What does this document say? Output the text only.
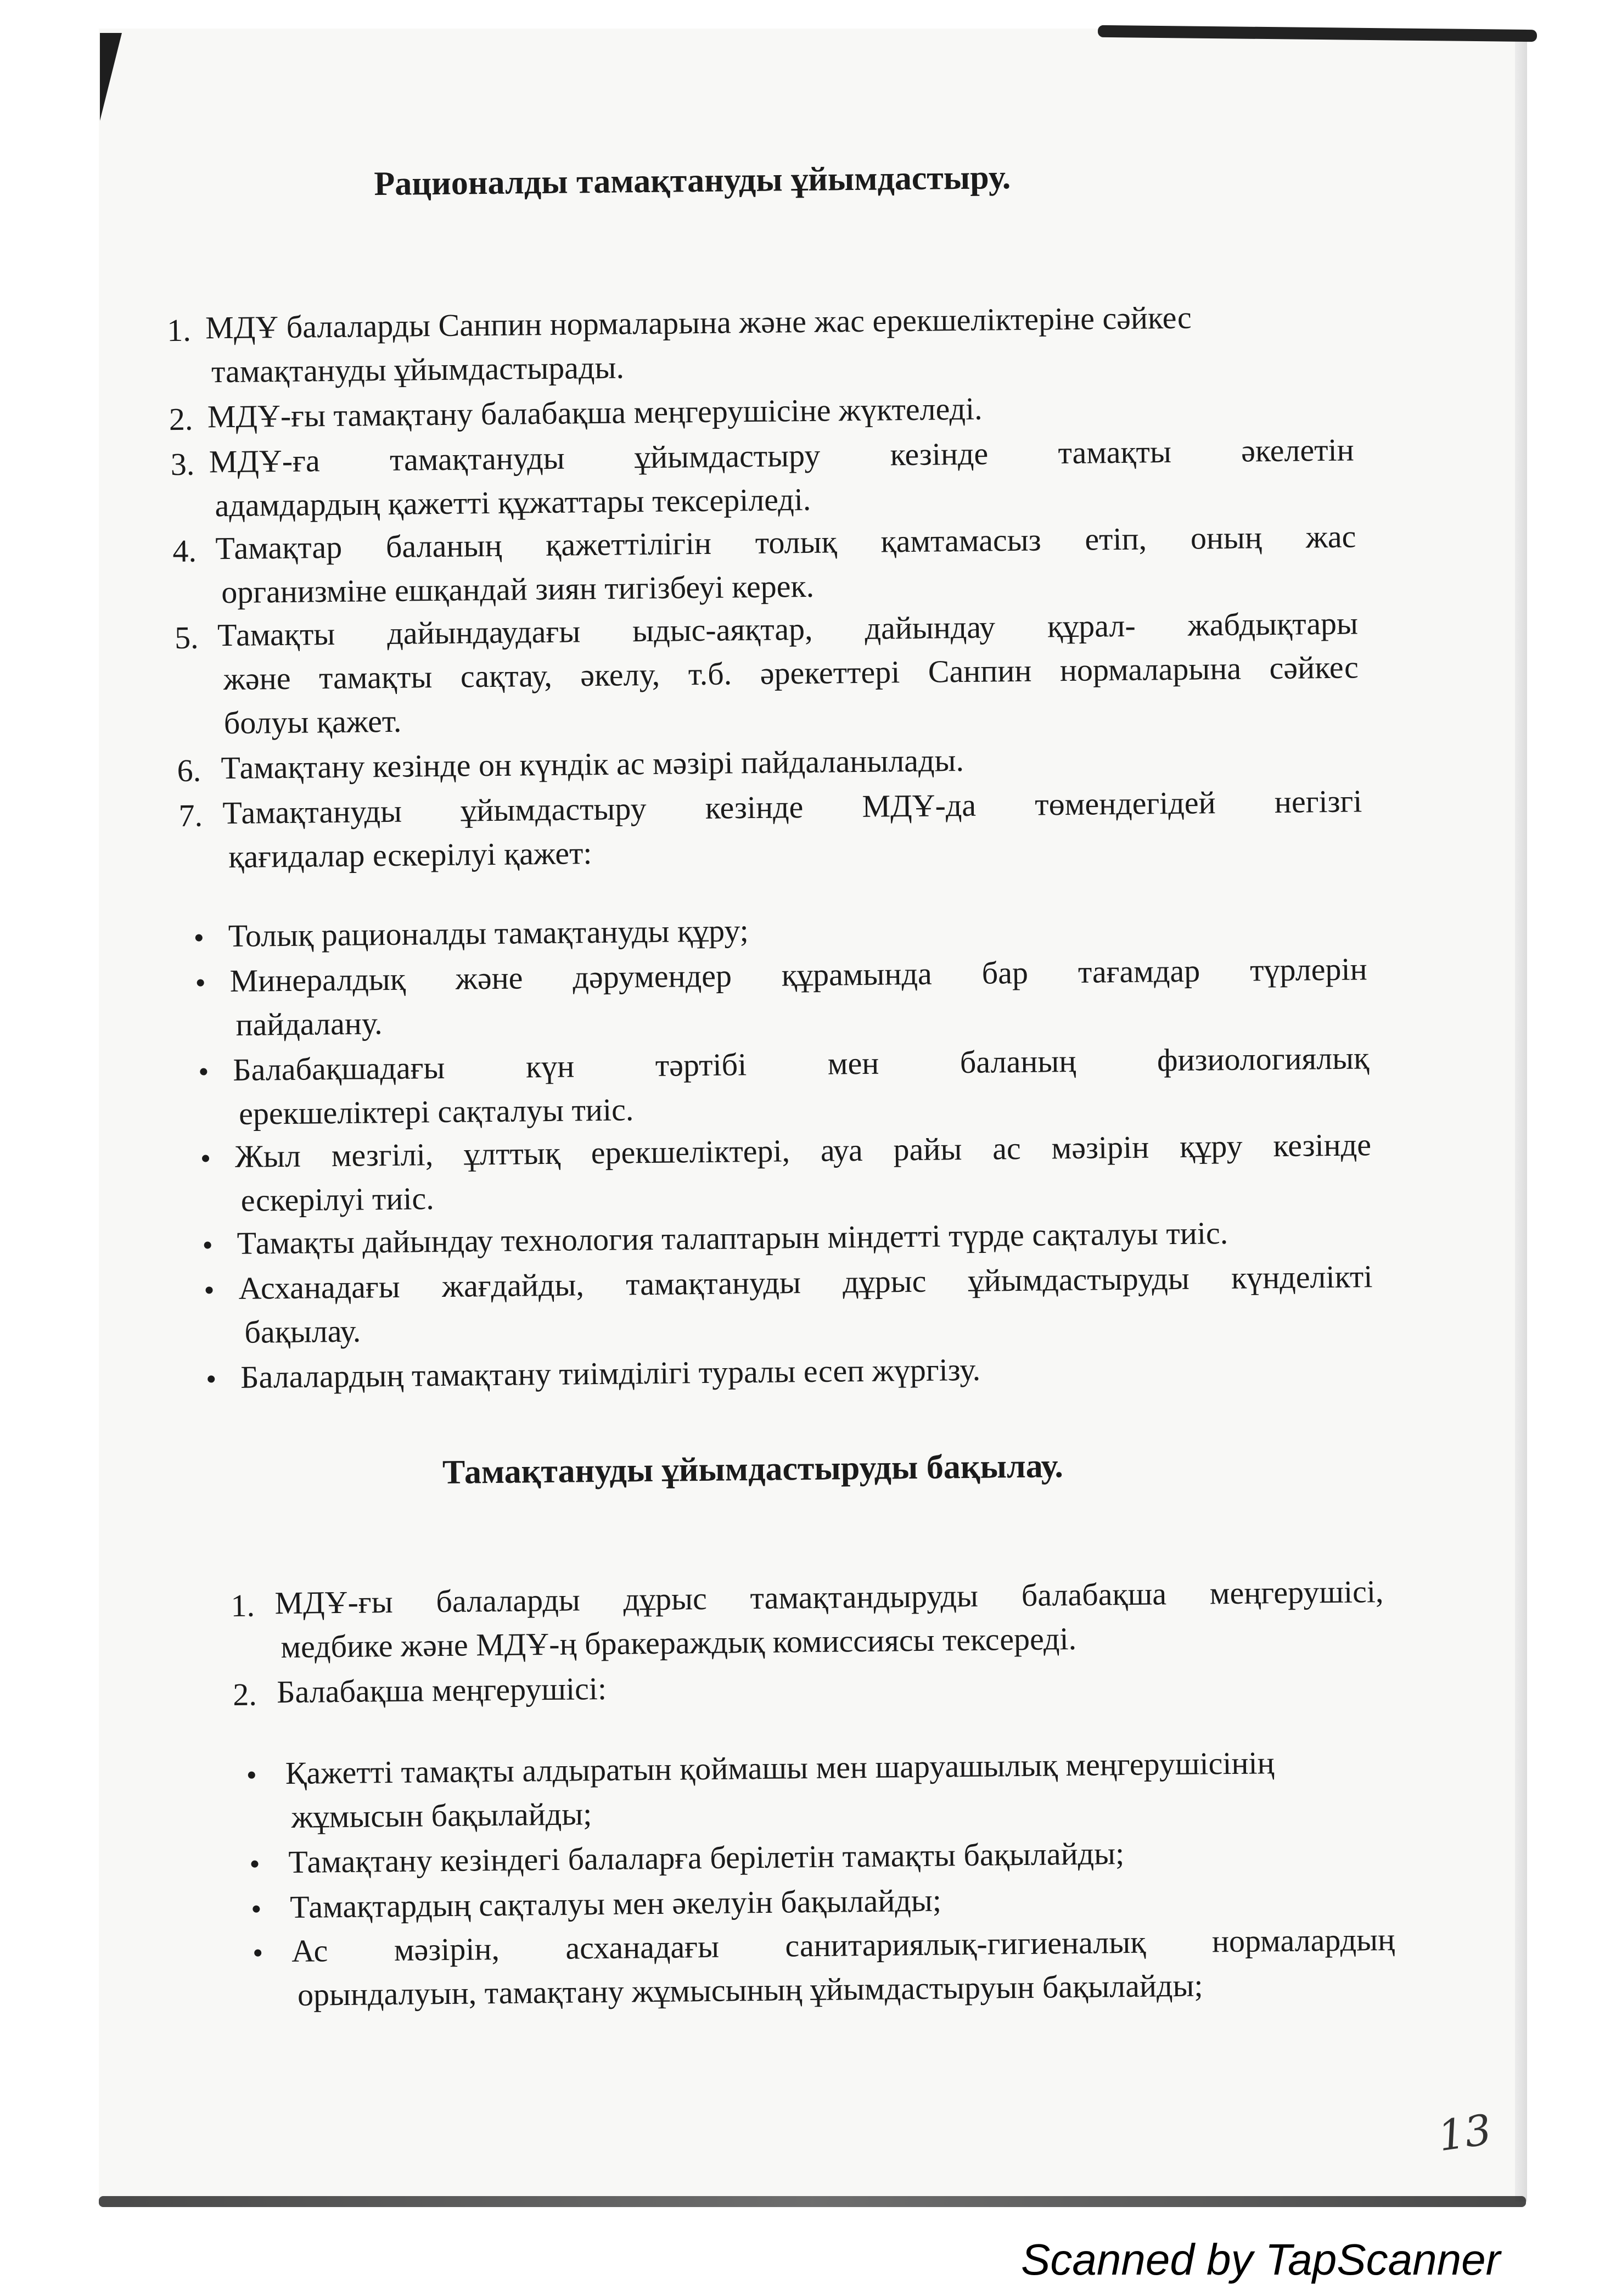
Рационалды тамақтануды ұйымдастыру.
1. МДҰ балаларды Санпин нормаларына және жас ерекшеліктеріне сәйкес
тамақтануды ұйымдастырады.
2. МДҰ-ғы тамақтану балабақша меңгерушісіне жүктеледі.
3. МДҰ-ға тамақтануды ұйымдастыру кезінде тамақты әкелетін
адамдардың қажетті құжаттары тексеріледі.
4. Тамақтар баланың қажеттілігін толық қамтамасыз етіп, оның жас
организміне ешқандай зиян тигізбеуі керек.
5. Тамақты дайындаудағы ыдыс-аяқтар, дайындау құрал- жабдықтары
және тамақты сақтау, әкелу, т.б. әрекеттері Санпин нормаларына сәйкес
болуы қажет.
6. Тамақтану кезінде он күндік ас мәзірі пайдаланылады.
7. Тамақтануды ұйымдастыру кезінде МДҰ-да төмендегідей негізгі
қағидалар ескерілуі қажет:
Толық рационалды тамақтануды құру;
Минералдық және дәрумендер құрамында бар тағамдар түрлерін
пайдалану.
Балабақшадағы күн тәртібі мен баланың физиологиялық
ерекшеліктері сақталуы тиіс.
Жыл мезгілі, ұлттық ерекшеліктері, ауа райы ас мәзірін құру кезінде
ескерілуі тиіс.
Тамақты дайындау технология талаптарын міндетті түрде сақталуы тиіс.
Асханадағы жағдайды, тамақтануды дұрыс ұйымдастыруды күнделікті
бақылау.
Балалардың тамақтану тиімділігі туралы есеп жүргізу.
Тамақтануды ұйымдастыруды бақылау.
1. МДҰ-ғы балаларды дұрыс тамақтандыруды балабақша меңгерушісі,
медбике және МДҰ-ң бракераждық комиссиясы тексереді.
2. Балабақша меңгерушісі:
Қажетті тамақты алдыратын қоймашы мен шаруашылық меңгерушісінің
жұмысын бақылайды;
Тамақтану кезіндегі балаларға берілетін тамақты бақылайды;
Тамақтардың сақталуы мен әкелуін бақылайды;
Ас мәзірін, асханадағы санитариялық-гигиеналық нормалардың
орындалуын, тамақтану жұмысының ұйымдастыруын бақылайды;
13
Scanned by TapScanner
